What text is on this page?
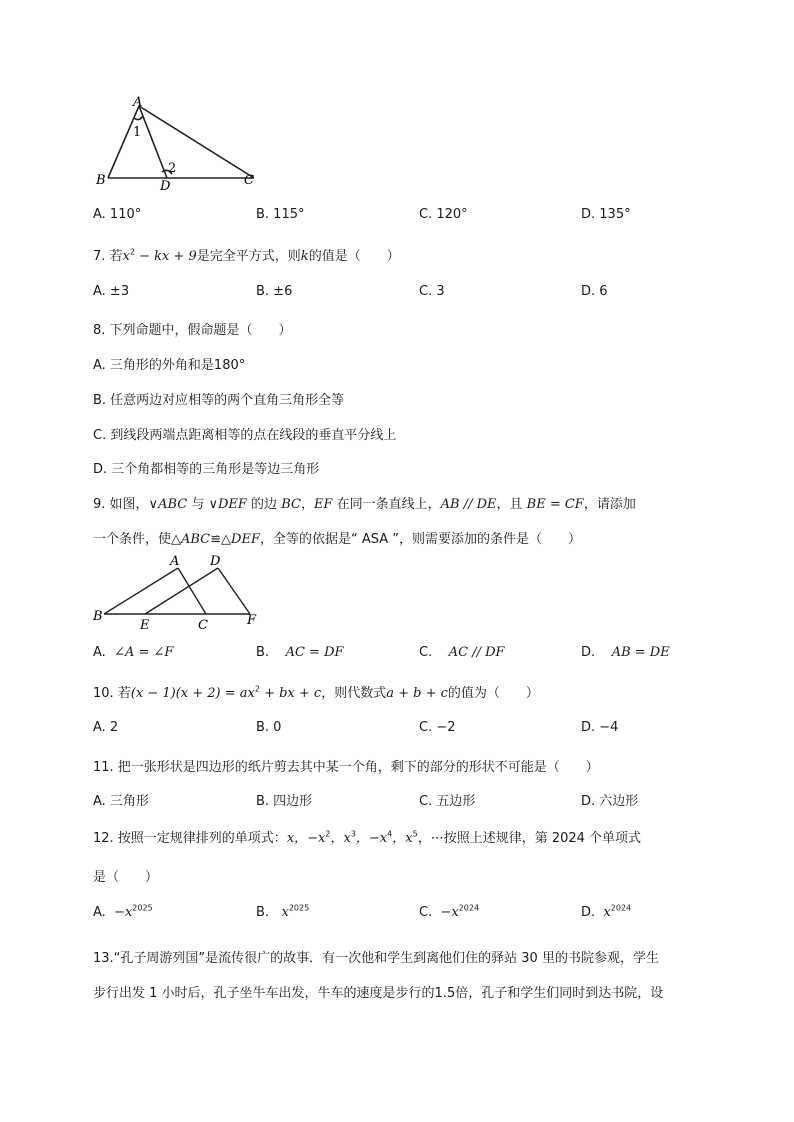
A
1
2
B	D	C
A. 110°	B. 115°	C. 120°	D. 135°
7. 若$x^2$ − kx + 9是完全平方式，则k的值是（　　）
A. ±3	B. ±6	C. 3	D. 6
8. 下列命题中，假命题是（　　）
A. 三角形的外角和是180°
B. 任意两边对应相等的两个直角三角形全等
C. 到线段两端点距离相等的点在线段的垂直平分线上
D. 三个角都相等的三角形是等边三角形
9. 如图，∨ABC 与 ∨DEF 的边 BC，EF 在同一条直线上，AB // DE，且 BE = CF，请添加
一个条件，使△ABC≌△DEF，全等的依据是“ ASA ”，则需要添加的条件是（　　）
A D
B
E	C	F
A. ∠A = ∠F	B. AC = DF	C. AC // DF	D. AB = DE
10. 若$(x - 1)(x + 2) = ax^2$ + bx + c，则代数式a + b + c的值为（　　）
A. 2	B. 0	C. −2	D. −4
11. 把一张形状是四边形的纸片剪去其中某一个角，剩下的部分的形状不可能是（　　）
A. 三角形	B. 四边形	C. 五边形	D. 六边形
12. 按照一定规律排列的单项式：x，$-x^2$，$x^3$，$-x^4$，$x^5$，⋯按照上述规律，第 2024 个单项式
是（　　）
A. $-x^{2025}$	B. $x^{2025}$	C. $-x^{2024}$	D. $x^{2024}$
13.“孔子周游列国”是流传很广的故事．有一次他和学生到离他们住的驿站 30 里的书院参观，学生
步行出发 1 小时后，孔子坐牛车出发，牛车的速度是步行的1.5倍，孔子和学生们同时到达书院，设
